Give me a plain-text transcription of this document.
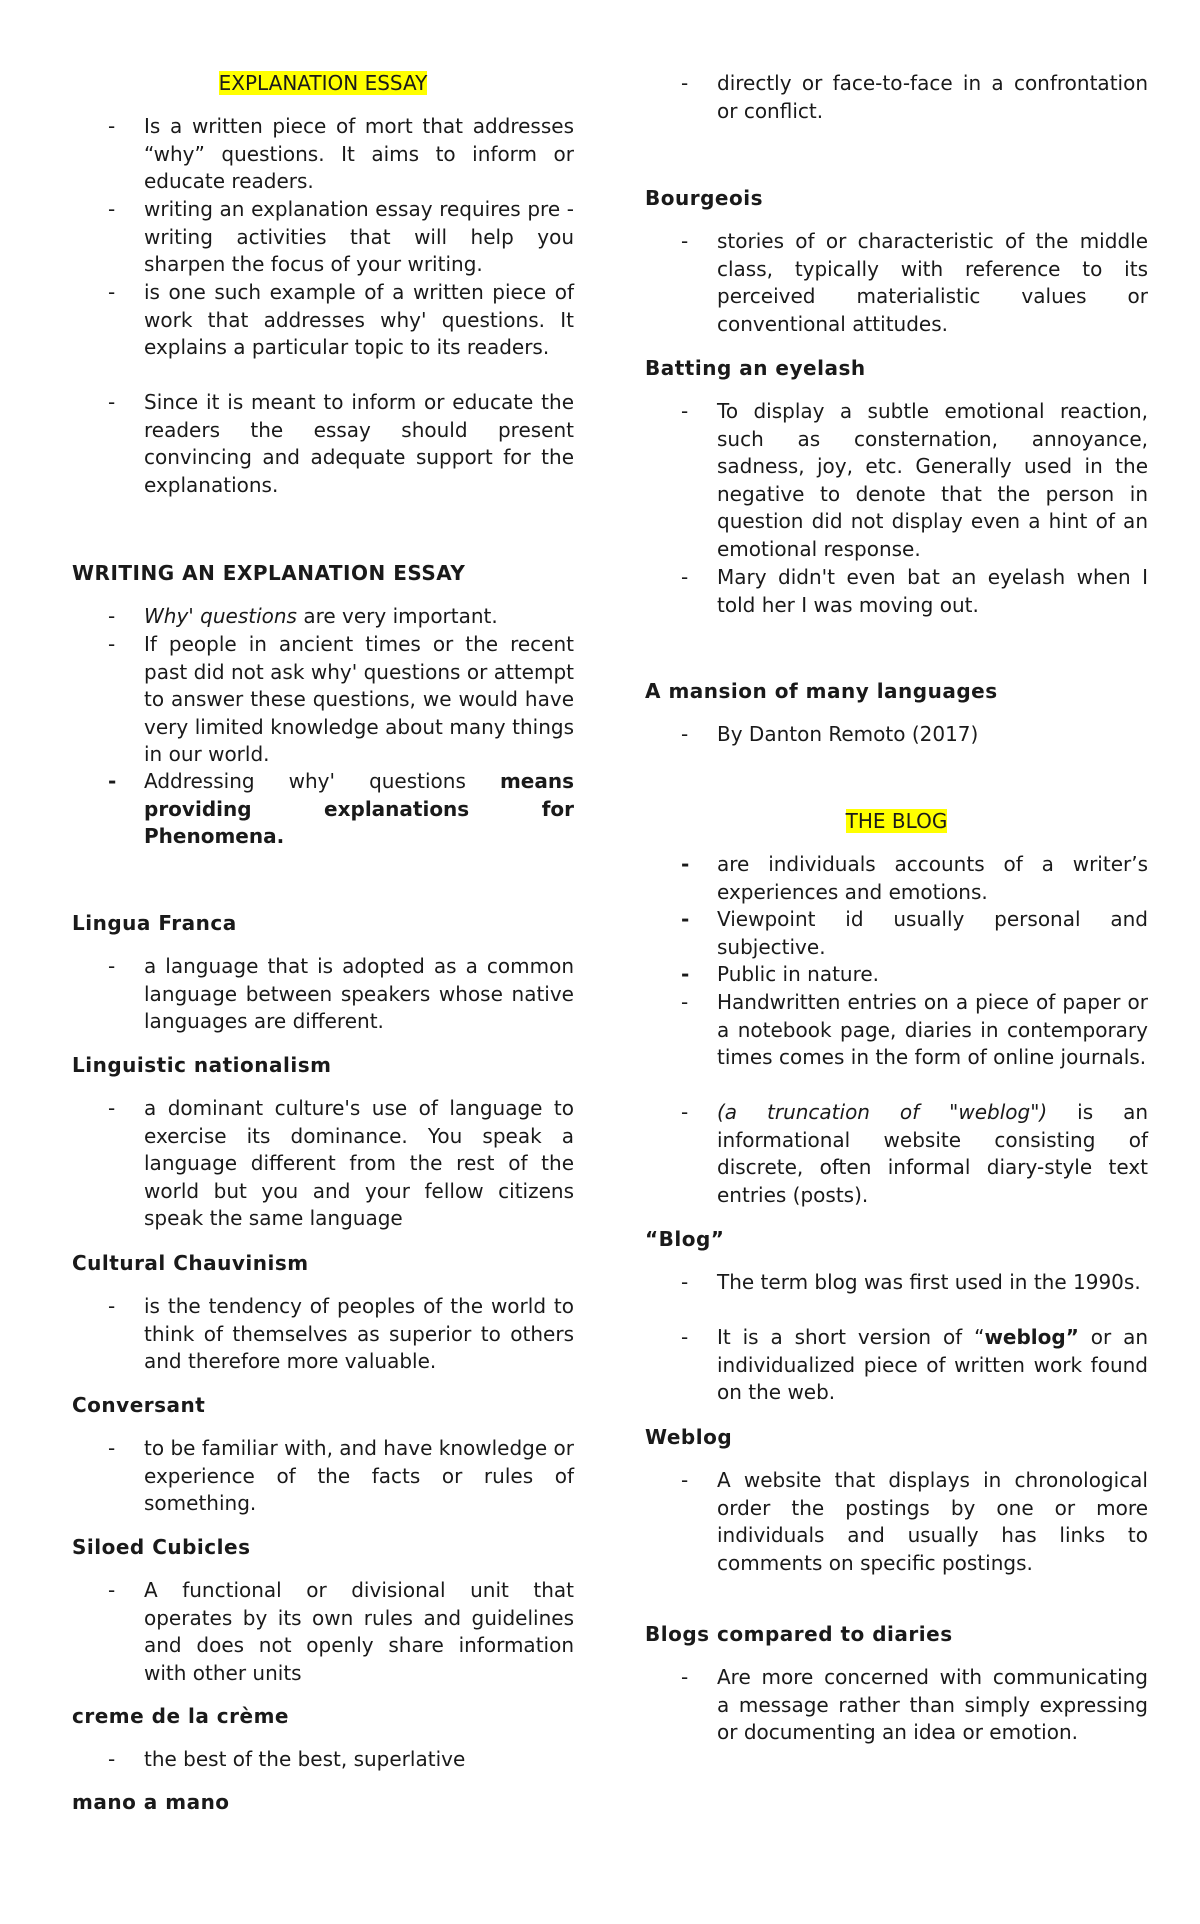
EXPLANATION ESSAY
- Is a written piece of mort that addresses “why” questions. It aims to inform or educate readers.
- writing an explanation essay requires pre -writing activities that will help you sharpen the focus of your writing.
- is one such example of a written piece of work that addresses why' questions. It explains a particular topic to its readers.
- Since it is meant to inform or educate the readers the essay should present convincing and adequate support for the explanations.
WRITING AN EXPLANATION ESSAY
- Why' questions are very important.
- If people in ancient times or the recent past did not ask why' questions or attempt to answer these questions, we would have very limited knowledge about many things in our world.
- Addressing why' questions means providing explanations for Phenomena.
Lingua Franca
- a language that is adopted as a common language between speakers whose native languages are different.
Linguistic nationalism
- a dominant culture's use of language to exercise its dominance. You speak a language different from the rest of the world but you and your fellow citizens speak the same language
Cultural Chauvinism
- is the tendency of peoples of the world to think of themselves as superior to others and therefore more valuable.
Conversant
- to be familiar with, and have knowledge or experience of the facts or rules of something.
Siloed Cubicles
- A functional or divisional unit that operates by its own rules and guidelines and does not openly share information with other units
creme de la crème
- the best of the best, superlative
mano a mano
- directly or face-to-face in a confrontation or conflict.
Bourgeois
- stories of or characteristic of the middle class, typically with reference to its perceived materialistic values or conventional attitudes.
Batting an eyelash
- To display a subtle emotional reaction, such as consternation, annoyance, sadness, joy, etc. Generally used in the negative to denote that the person in question did not display even a hint of an emotional response.
- Mary didn't even bat an eyelash when I told her I was moving out.
A mansion of many languages
- By Danton Remoto (2017)
THE BLOG
- are individuals accounts of a writer’s experiences and emotions.
- Viewpoint id usually personal and subjective.
- Public in nature.
- Handwritten entries on a piece of paper or a notebook page, diaries in contemporary times comes in the form of online journals.
- (a truncation of "weblog") is an informational website consisting of discrete, often informal diary-style text entries (posts).
“Blog”
- The term blog was first used in the 1990s.
- It is a short version of “weblog” or an individualized piece of written work found on the web.
Weblog
- A website that displays in chronological order the postings by one or more individuals and usually has links to comments on specific postings.
Blogs compared to diaries
- Are more concerned with communicating a message rather than simply expressing or documenting an idea or emotion.
